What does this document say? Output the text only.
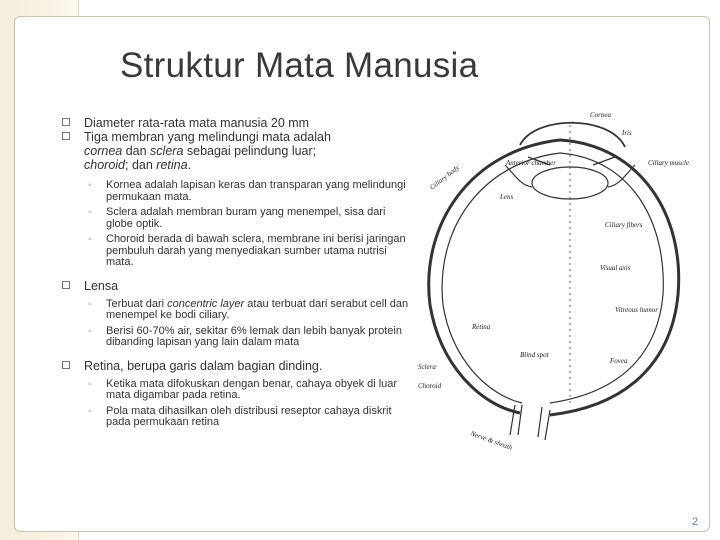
Struktur Mata Manusia
Diameter rata-rata mata manusia 20 mm
Tiga membran yang melindungi mata adalah
cornea dan sclera sebagai pelindung luar;
choroid; dan retina.
◦ Kornea adalah lapisan keras dan transparan yang melindungi permukaan mata.
◦ Sclera adalah membran buram yang menempel, sisa dari globe optik.
◦ Choroid berada di bawah sclera, membrane ini berisi jaringan pembuluh darah yang menyediakan sumber utama nutrisi mata.
Lensa
◦ Terbuat dari concentric layer atau terbuat dari serabut cell dan menempel ke bodi ciliary.
◦ Berisi 60-70% air, sekitar 6% lemak dan lebih banyak protein dibanding lapisan yang lain dalam mata
Retina, berupa garis dalam bagian dinding.
◦ Ketika mata difokuskan dengan benar, cahaya obyek di luar mata digambar pada retina.
◦ Pola mata dihasilkan oleh distribusi reseptor cahaya diskrit pada permukaan retina
Cornea
Iris
Ciliary muscle
Ciliary body
Anterior chamber
Lens
Ciliary fibers
Visual axis
Vitreous humor
Retina
Blind spot
Fovea
Sclera
Choroid
Nerve & sheath
2
